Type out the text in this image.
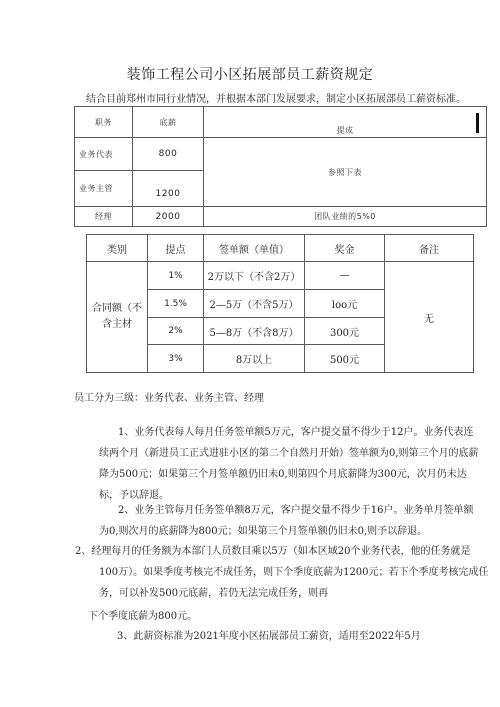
装饰工程公司小区拓展部员工薪资规定
结合目前郑州市同行业情况，并根据本部门发展要求，制定小区拓展部员工薪资标准。
职务	底薪	提成
业务代表	800	参照下表
业务主管	1200	
经理	2000	团队业绩的5%0
类别	提点	签单额（单值）	奖金	备注
合同额（不含主材	1%	2万以下（不含2万）	—	无
	1.5%	2—5万（不含5万）	loo元	
	2%	5—8万（不含8万）	300元	
	3%	8万以上	500元	
员工分为三级：业务代表、业务主管、经理
1、业务代表每人每月任务签单额5万元，客户提交量不得少于12户。业务代表连
续两个月（新进员工正式进驻小区的第二个自然月开始）签单额为0,则第三个月的底薪
降为500元；如果第三个月签单额仍旧未0,则第四个月底薪降为300元，次月仍未达
标，予以辞退。
2、业务主管每月任务签单额8万元，客户提交量不得少于16户。业务单月签单额
为0,则次月的底薪降为800元；如果第三个月签单额仍旧未0,则予以辞退。
2、经理每月的任务额为本部门人员数目乘以5万（如本区域20个业务代表，他的任务就是
100万）。如果季度考核完不成任务，则下个季度底薪为1200元；若下个季度考核完成任
务，可以补发500元底薪，若仍无法完成任务，则再
下个季度底薪为800元。
3、此薪资标准为2021年度小区拓展部员工薪资，适用至2022年5月
